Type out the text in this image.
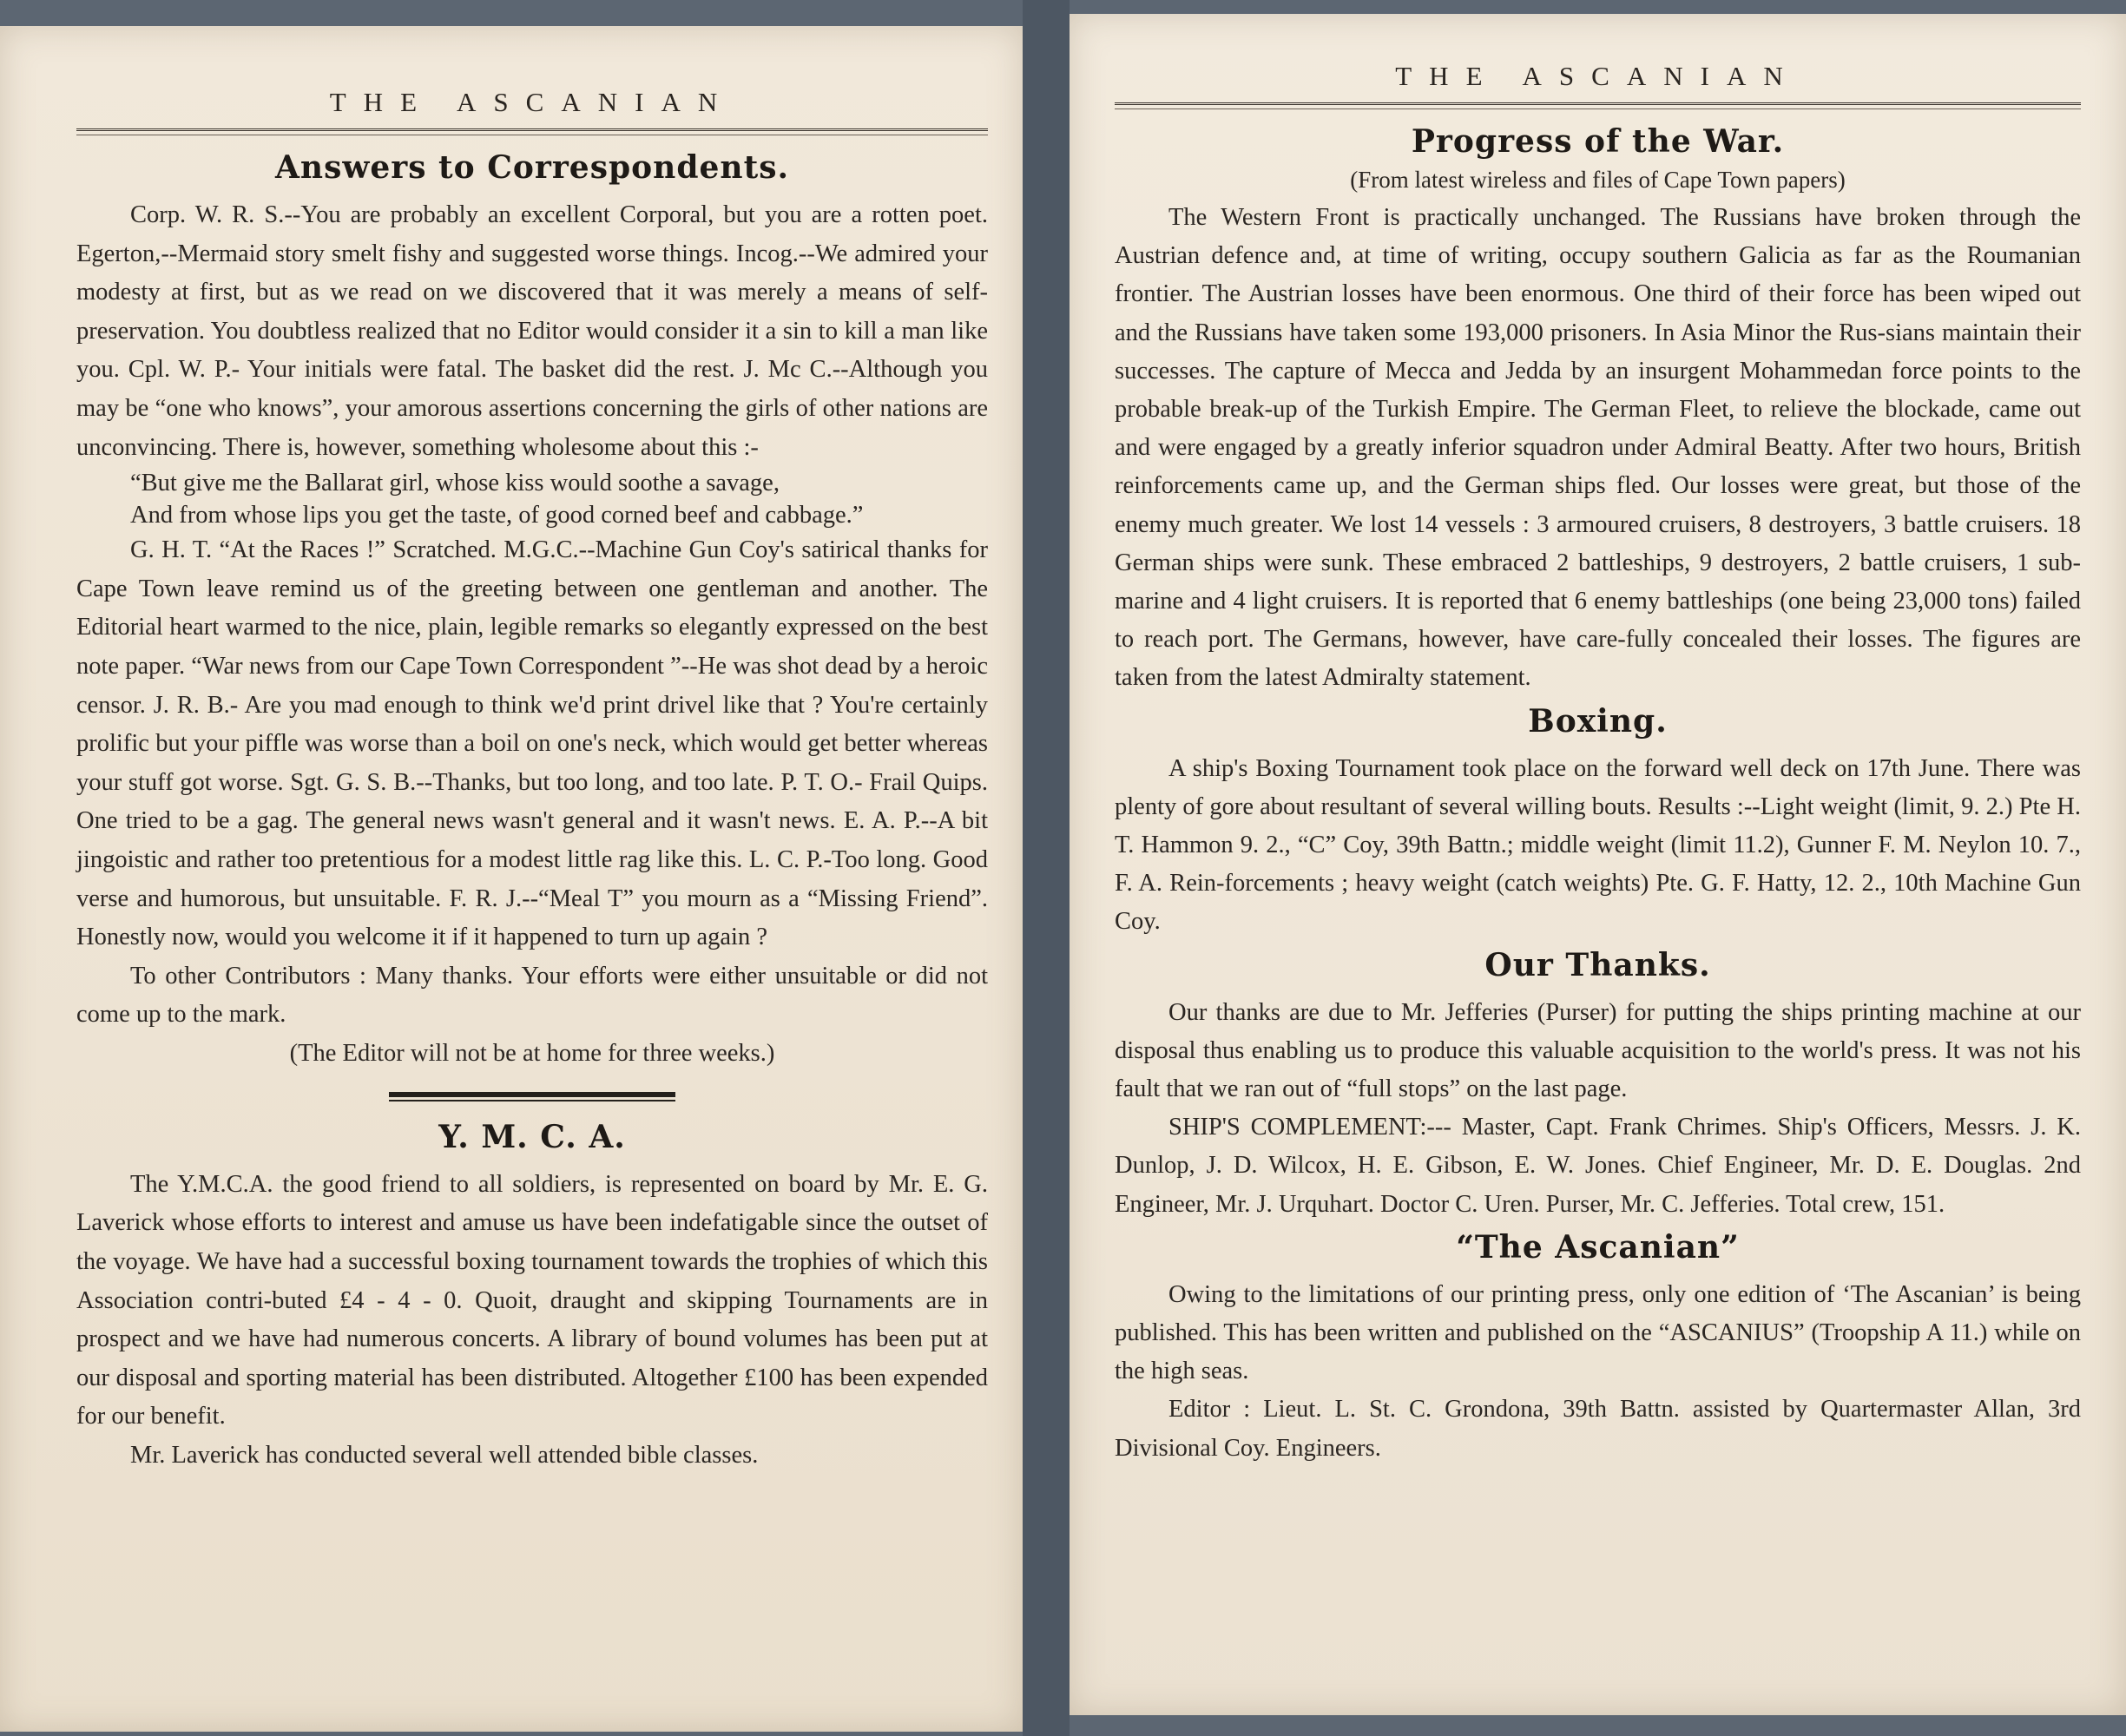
THE ASCANIAN
Answers to Correspondents.

Corp. W. R. S.--You are probably an excellent Corporal, but you are a rotten poet. Egerton,--Mermaid story smelt fishy and suggested worse things. Incog.--We admired your modesty at first, but as we read on we discovered that it was merely a means of self-preservation. You doubtless realized that no Editor would consider it a sin to kill a man like you. Cpl. W. P.- Your initials were fatal. The basket did the rest. J. Mc C.--Although you may be “one who knows”, your amorous assertions concerning the girls of other nations are unconvincing. There is, however, something wholesome about this :-

“But give me the Ballarat girl, whose kiss would soothe a savage,

And from whose lips you get the taste, of good corned beef and cabbage.”

G. H. T. “At the Races !” Scratched. M.G.C.--Machine Gun Coy's satirical thanks for Cape Town leave remind us of the greeting between one gentleman and another. The Editorial heart warmed to the nice, plain, legible remarks so elegantly expressed on the best note paper. “War news from our Cape Town Correspondent ”--He was shot dead by a heroic censor. J. R. B.- Are you mad enough to think we'd print drivel like that ? You're certainly prolific but your piffle was worse than a boil on one's neck, which would get better whereas your stuff got worse. Sgt. G. S. B.--Thanks, but too long, and too late. P. T. O.- Frail Quips. One tried to be a gag. The general news wasn't general and it wasn't news. E. A. P.--A bit jingoistic and rather too pretentious for a modest little rag like this. L. C. P.-Too long. Good verse and humorous, but unsuitable. F. R. J.--“Meal T” you mourn as a “Missing Friend”. Honestly now, would you welcome it if it happened to turn up again ?

To other Contributors : Many thanks. Your efforts were either unsuitable or did not come up to the mark.

(The Editor will not be at home for three weeks.)

Y. M. C. A.

The Y.M.C.A. the good friend to all soldiers, is represented on board by Mr. E. G. Laverick whose efforts to interest and amuse us have been indefatigable since the outset of the voyage. We have had a successful boxing tournament towards the trophies of which this Association contri-buted £4 - 4 - 0. Quoit, draught and skipping Tournaments are in prospect and we have had numerous concerts. A library of bound volumes has been put at our disposal and sporting material has been distributed. Altogether £100 has been expended for our benefit.

Mr. Laverick has conducted several well attended bible classes.

THE ASCANIAN
Progress of the War.
(From latest wireless and files of Cape Town papers)

The Western Front is practically unchanged. The Russians have broken through the Austrian defence and, at time of writing, occupy southern Galicia as far as the Roumanian frontier. The Austrian losses have been enormous. One third of their force has been wiped out and the Russians have taken some 193,000 prisoners. In Asia Minor the Rus-sians maintain their successes. The capture of Mecca and Jedda by an insurgent Mohammedan force points to the probable break-up of the Turkish Empire. The German Fleet, to relieve the blockade, came out and were engaged by a greatly inferior squadron under Admiral Beatty. After two hours, British reinforcements came up, and the German ships fled. Our losses were great, but those of the enemy much greater. We lost 14 vessels : 3 armoured cruisers, 8 destroyers, 3 battle cruisers. 18 German ships were sunk. These embraced 2 battleships, 9 destroyers, 2 battle cruisers, 1 sub-marine and 4 light cruisers. It is reported that 6 enemy battleships (one being 23,000 tons) failed to reach port. The Germans, however, have care-fully concealed their losses. The figures are taken from the latest Admiralty statement.

Boxing.

A ship's Boxing Tournament took place on the forward well deck on 17th June. There was plenty of gore about resultant of several willing bouts. Results :--Light weight (limit, 9. 2.) Pte H. T. Hammon 9. 2., “C” Coy, 39th Battn.; middle weight (limit 11.2), Gunner F. M. Neylon 10. 7., F. A. Rein-forcements ; heavy weight (catch weights) Pte. G. F. Hatty, 12. 2., 10th Machine Gun Coy.

Our Thanks.

Our thanks are due to Mr. Jefferies (Purser) for putting the ships printing machine at our disposal thus enabling us to produce this valuable acquisition to the world's press. It was not his fault that we ran out of “full stops” on the last page.

SHIP'S COMPLEMENT:--- Master, Capt. Frank Chrimes. Ship's Officers, Messrs. J. K. Dunlop, J. D. Wilcox, H. E. Gibson, E. W. Jones. Chief Engineer, Mr. D. E. Douglas. 2nd Engineer, Mr. J. Urquhart. Doctor C. Uren. Purser, Mr. C. Jefferies. Total crew, 151.

“The Ascanian”

Owing to the limitations of our printing press, only one edition of ‘The Ascanian’ is being published. This has been written and published on the “ASCANIUS” (Troopship A 11.) while on the high seas.

Editor : Lieut. L. St. C. Grondona, 39th Battn. assisted by Quartermaster Allan, 3rd Divisional Coy. Engineers.
